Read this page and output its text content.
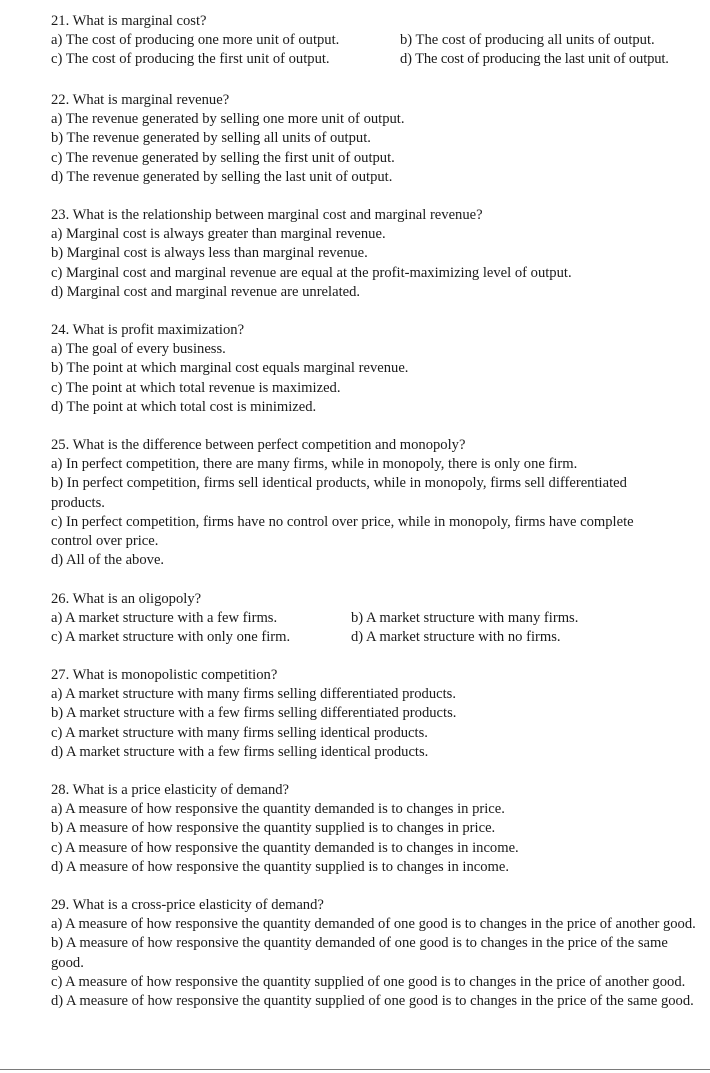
21. What is marginal cost?
a) The cost of producing one more unit of output.	b) The cost of producing all units of output.
c) The cost of producing the first unit of output.	d) The cost of producing the last unit of output.
22. What is marginal revenue?
a) The revenue generated by selling one more unit of output.
b) The revenue generated by selling all units of output.
c) The revenue generated by selling the first unit of output.
d) The revenue generated by selling the last unit of output.
23. What is the relationship between marginal cost and marginal revenue?
a) Marginal cost is always greater than marginal revenue.
b) Marginal cost is always less than marginal revenue.
c) Marginal cost and marginal revenue are equal at the profit-maximizing level of output.
d) Marginal cost and marginal revenue are unrelated.
24. What is profit maximization?
a) The goal of every business.
b) The point at which marginal cost equals marginal revenue.
c) The point at which total revenue is maximized.
d) The point at which total cost is minimized.
25. What is the difference between perfect competition and monopoly?
a) In perfect competition, there are many firms, while in monopoly, there is only one firm.
b) In perfect competition, firms sell identical products, while in monopoly, firms sell differentiated products.
c) In perfect competition, firms have no control over price, while in monopoly, firms have complete control over price.
d) All of the above.
26. What is an oligopoly?
a) A market structure with a few firms.	b) A market structure with many firms.
c) A market structure with only one firm.	d) A market structure with no firms.
27. What is monopolistic competition?
a) A market structure with many firms selling differentiated products.
b) A market structure with a few firms selling differentiated products.
c) A market structure with many firms selling identical products.
d) A market structure with a few firms selling identical products.
28. What is a price elasticity of demand?
a) A measure of how responsive the quantity demanded is to changes in price.
b) A measure of how responsive the quantity supplied is to changes in price.
c) A measure of how responsive the quantity demanded is to changes in income.
d) A measure of how responsive the quantity supplied is to changes in income.
29. What is a cross-price elasticity of demand?
a) A measure of how responsive the quantity demanded of one good is to changes in the price of another good.
b) A measure of how responsive the quantity demanded of one good is to changes in the price of the same good.
c) A measure of how responsive the quantity supplied of one good is to changes in the price of another good.
d) A measure of how responsive the quantity supplied of one good is to changes in the price of the same good.
